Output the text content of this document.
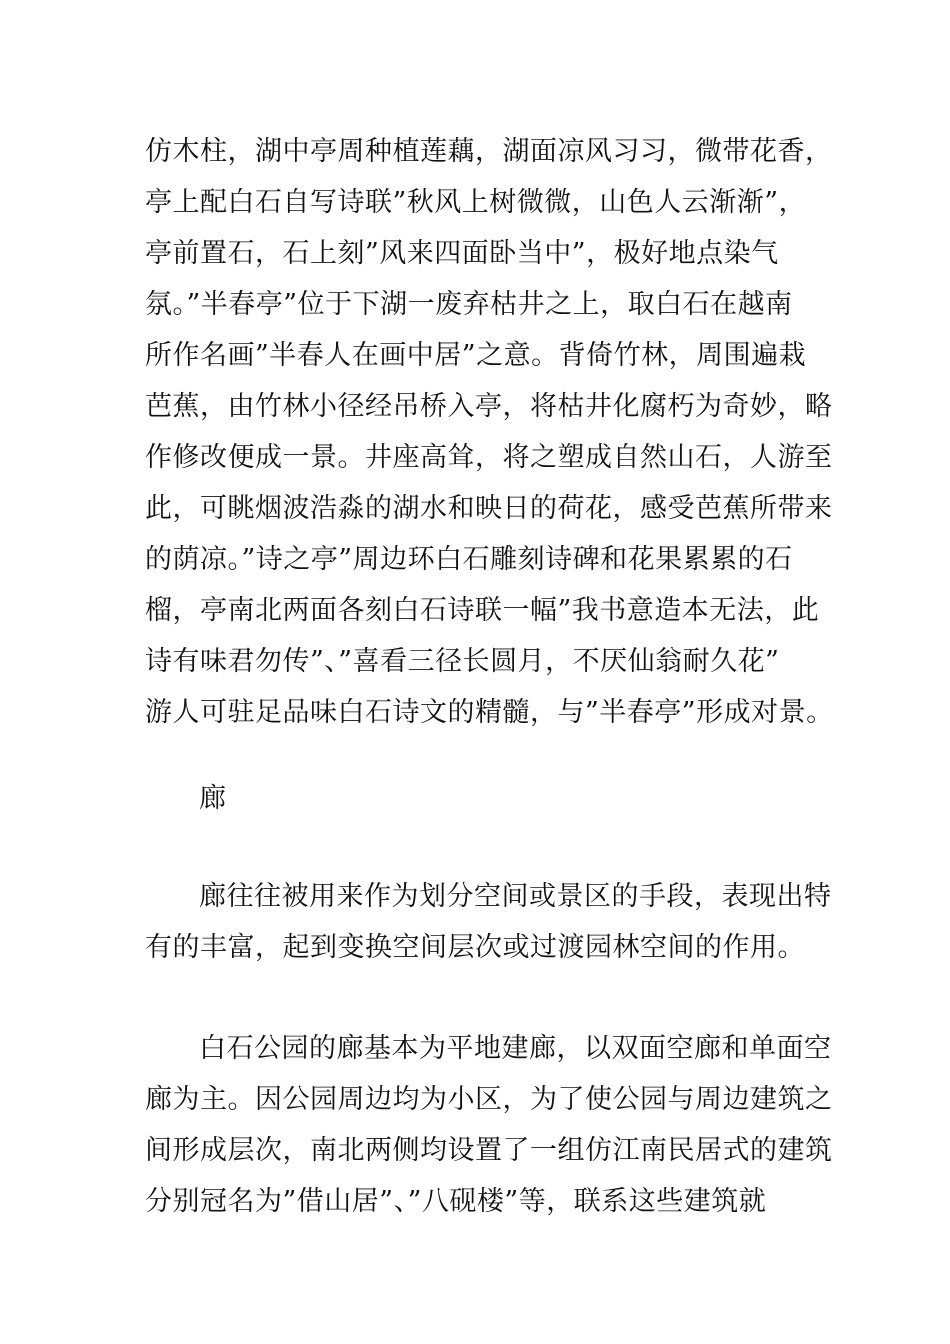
仿木柱，湖中亭周种植莲藕，湖面凉风习习，微带花香，
亭上配白石自写诗联”秋风上树微微，山色人云渐渐”，
亭前置石，石上刻”风来四面卧当中”，极好地点染气
氛。”半春亭”位于下湖一废弃枯井之上，取白石在越南
所作名画”半春人在画中居”之意。背倚竹林，周围遍栽
芭蕉，由竹林小径经吊桥入亭，将枯井化腐朽为奇妙，略
作修改便成一景。井座高耸，将之塑成自然山石，人游至
此，可眺烟波浩淼的湖水和映日的荷花，感受芭蕉所带来
的荫凉。”诗之亭”周边环白石雕刻诗碑和花果累累的石
榴，亭南北两面各刻白石诗联一幅”我书意造本无法，此
诗有味君勿传”、”喜看三径长圆月，不厌仙翁耐久花”
游人可驻足品味白石诗文的精髓，与”半春亭”形成对景。
廊
廊往往被用来作为划分空间或景区的手段，表现出特
有的丰富，起到变换空间层次或过渡园林空间的作用。
白石公园的廊基本为平地建廊，以双面空廊和单面空
廊为主。因公园周边均为小区，为了使公园与周边建筑之
间形成层次，南北两侧均设置了一组仿江南民居式的建筑
分别冠名为”借山居”、”八砚楼”等，联系这些建筑就
